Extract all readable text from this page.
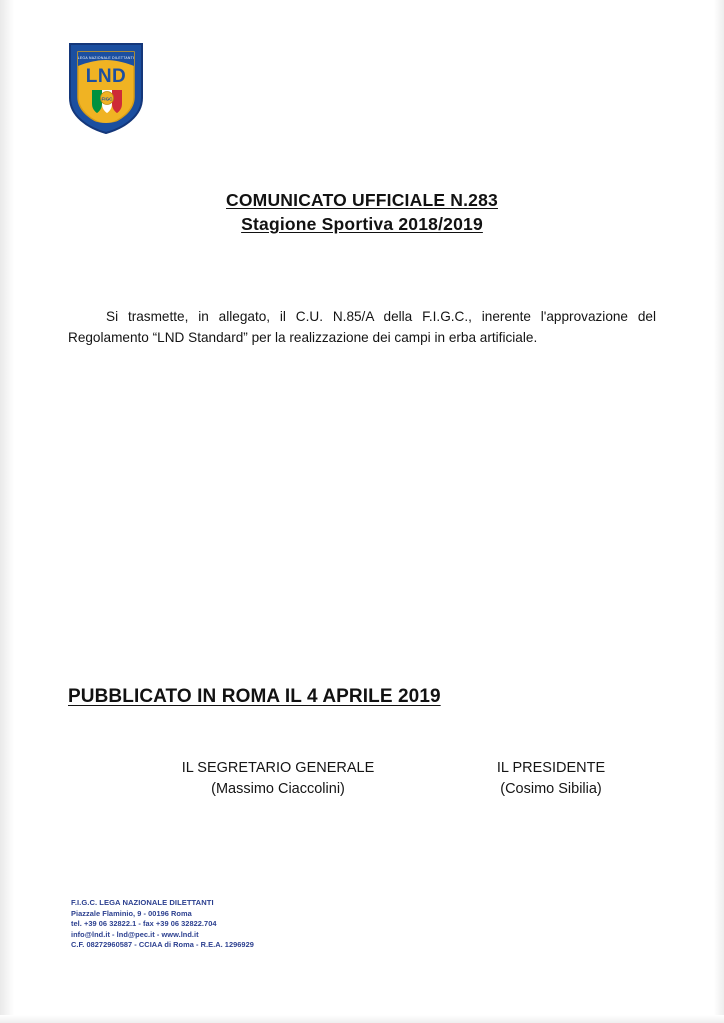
LEGA NAZIONALE DILETTANTI
LND
FIGC
COMUNICATO UFFICIALE N.283
Stagione Sportiva 2018/2019
Si trasmette, in allegato, il C.U. N.85/A della F.I.G.C., inerente l'approvazione del Regolamento “LND Standard” per la realizzazione dei campi in erba artificiale.
PUBBLICATO IN ROMA IL 4 APRILE 2019
IL SEGRETARIO GENERALE
(Massimo Ciaccolini)
IL PRESIDENTE
(Cosimo Sibilia)
F.I.G.C. LEGA NAZIONALE DILETTANTI
Piazzale Flaminio, 9 - 00196 Roma
tel. +39 06 32822.1 - fax +39 06 32822.704
info@lnd.it - lnd@pec.it - www.lnd.it
C.F. 08272960587 - CCIAA di Roma - R.E.A. 1296929
